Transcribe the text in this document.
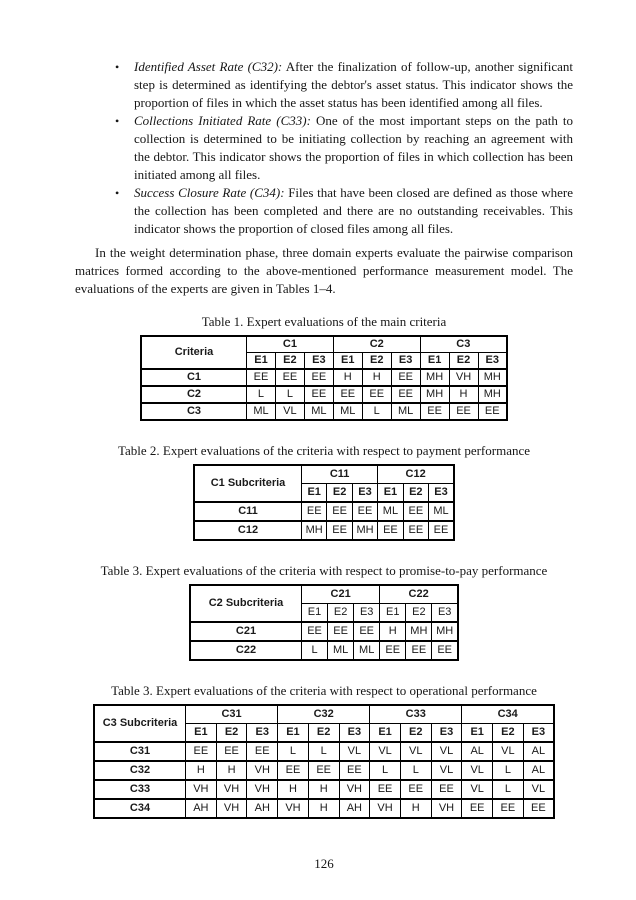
•	Identified Asset Rate (C32): After the finalization of follow-up, another significant step is determined as identifying the debtor's asset status. This indicator shows the proportion of files in which the asset status has been identified among all files.
•	Collections Initiated Rate (C33): One of the most important steps on the path to collection is determined to be initiating collection by reaching an agreement with the debtor. This indicator shows the proportion of files in which collection has been initiated among all files.
•	Success Closure Rate (C34): Files that have been closed are defined as those where the collection has been completed and there are no outstanding receivables. This indicator shows the proportion of closed files among all files.

In the weight determination phase, three domain experts evaluate the pairwise comparison matrices formed according to the above-mentioned performance measurement model. The evaluations of the experts are given in Tables 1–4.

Table 1. Expert evaluations of the main criteria
Criteria	C1			C2			C3		
	E1	E2	E3	E1	E2	E3	E1	E2	E3
C1	EE	EE	EE	H	H	EE	MH	VH	MH
C2	L	L	EE	EE	EE	EE	MH	H	MH
C3	ML	VL	ML	ML	L	ML	EE	EE	EE
Table 2. Expert evaluations of the criteria with respect to payment performance
C1 Subcriteria	C11			C12		
	E1	E2	E3	E1	E2	E3
C11	EE	EE	EE	ML	EE	ML
C12	MH	EE	MH	EE	EE	EE
Table 3. Expert evaluations of the criteria with respect to promise-to-pay performance
C2 Subcriteria	C21			C22		
	E1	E2	E3	E1	E2	E3
C21	EE	EE	EE	H	MH	MH
C22	L	ML	ML	EE	EE	EE
Table 3. Expert evaluations of the criteria with respect to operational performance
C3 Subcriteria	C31			C32			C33			C34		
	E1	E2	E3	E1	E2	E3	E1	E2	E3	E1	E2	E3
C31	EE	EE	EE	L	L	VL	VL	VL	VL	AL	VL	AL
C32	H	H	VH	EE	EE	EE	L	L	VL	VL	L	AL
C33	VH	VH	VH	H	H	VH	EE	EE	EE	VL	L	VL
C34	AH	VH	AH	VH	H	AH	VH	H	VH	EE	EE	EE
126
